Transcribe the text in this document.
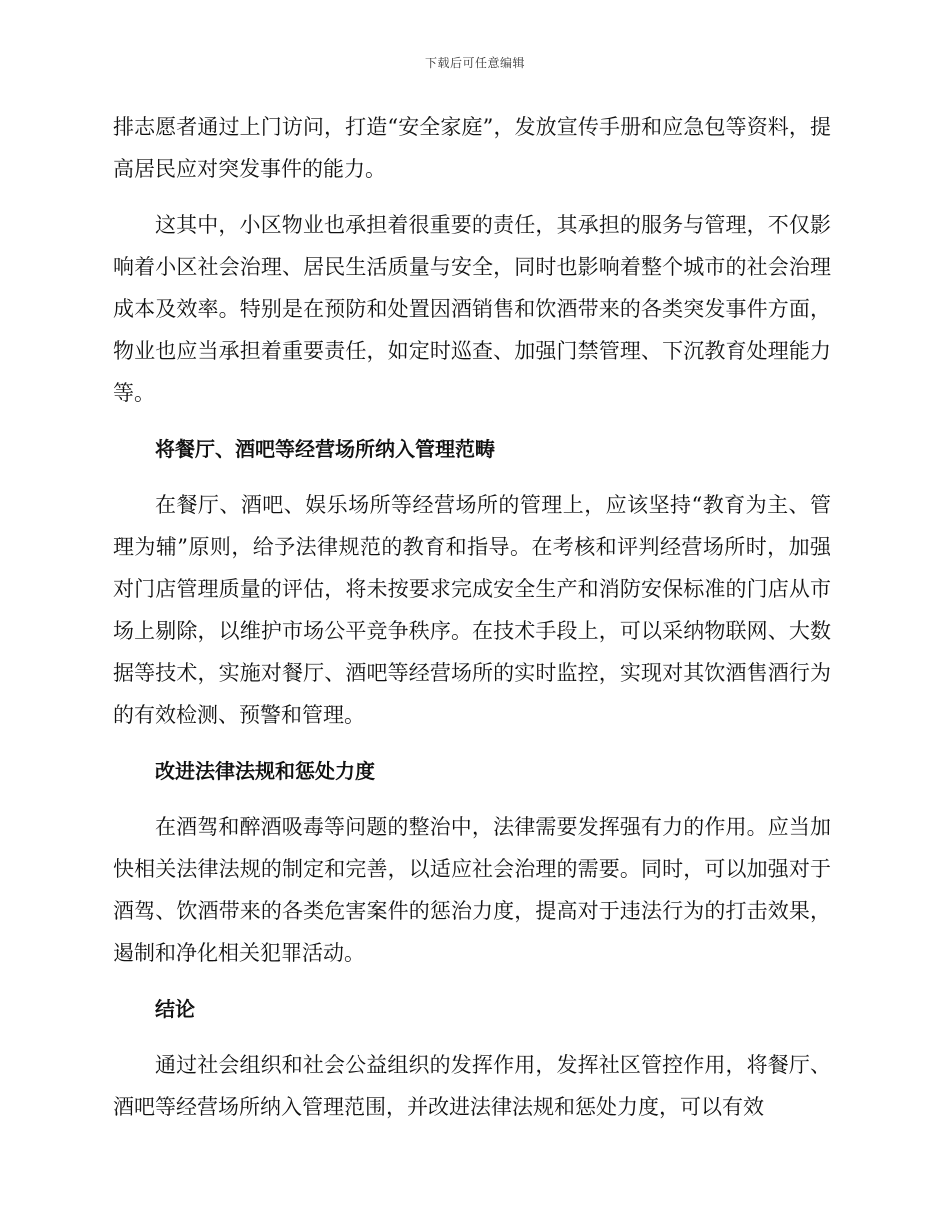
下载后可任意编辑

排志愿者通过上门访问，打造“安全家庭”，发放宣传手册和应急包等资料，提高居民应对突发事件的能力。

这其中，小区物业也承担着很重要的责任，其承担的服务与管理，不仅影响着小区社会治理、居民生活质量与安全，同时也影响着整个城市的社会治理成本及效率。特别是在预防和处置因酒销售和饮酒带来的各类突发事件方面，物业也应当承担着重要责任，如定时巡查、加强门禁管理、下沉教育处理能力等。

将餐厅、酒吧等经营场所纳入管理范畴

在餐厅、酒吧、娱乐场所等经营场所的管理上，应该坚持“教育为主、管理为辅”原则，给予法律规范的教育和指导。在考核和评判经营场所时，加强对门店管理质量的评估，将未按要求完成安全生产和消防安保标准的门店从市场上剔除，以维护市场公平竞争秩序。在技术手段上，可以采纳物联网、大数据等技术，实施对餐厅、酒吧等经营场所的实时监控，实现对其饮酒售酒行为的有效检测、预警和管理。

改进法律法规和惩处力度

在酒驾和醉酒吸毒等问题的整治中，法律需要发挥强有力的作用。应当加快相关法律法规的制定和完善，以适应社会治理的需要。同时，可以加强对于酒驾、饮酒带来的各类危害案件的惩治力度，提高对于违法行为的打击效果，遏制和净化相关犯罪活动。

结论

通过社会组织和社会公益组织的发挥作用，发挥社区管控作用，将餐厅、酒吧等经营场所纳入管理范围，并改进法律法规和惩处力度，可以有效
